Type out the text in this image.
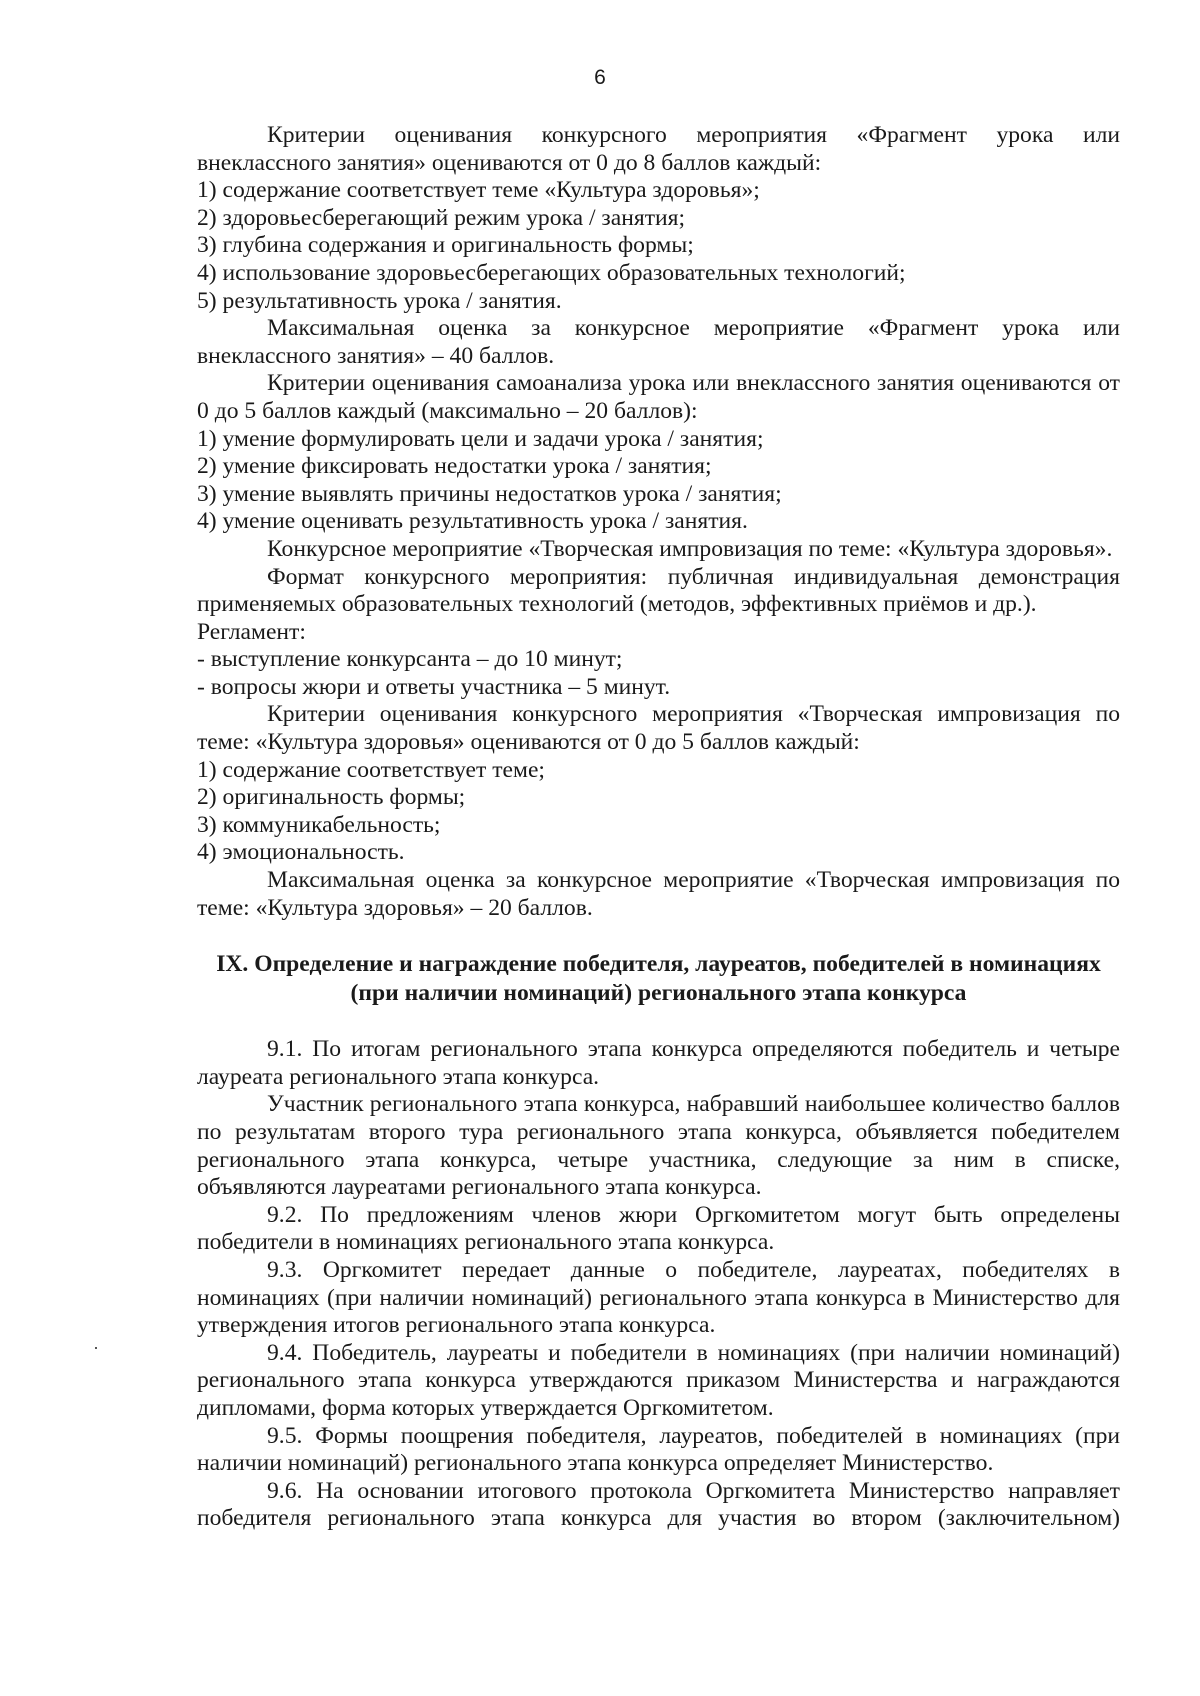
6

Критерии оценивания конкурсного мероприятия «Фрагмент урока или

внеклассного занятия» оцениваются от 0 до 8 баллов каждый:

1) содержание соответствует теме «Культура здоровья»;

2) здоровьесберегающий режим урока / занятия;

3) глубина содержания и оригинальность формы;

4) использование здоровьесберегающих образовательных технологий;

5) результативность урока / занятия.

Максимальная оценка за конкурсное мероприятие «Фрагмент урока или внеклассного занятия» – 40 баллов.

Критерии оценивания самоанализа урока или внеклассного занятия оцениваются от 0 до 5 баллов каждый (максимально – 20 баллов):

1) умение формулировать цели и задачи урока / занятия;

2) умение фиксировать недостатки урока / занятия;

3) умение выявлять причины недостатков урока / занятия;

4) умение оценивать результативность урока / занятия.

Конкурсное мероприятие «Творческая импровизация по теме: «Культура здоровья».

Формат конкурсного мероприятия: публичная индивидуальная демонстрация применяемых образовательных технологий (методов, эффективных приёмов и др.).

Регламент:

- выступление конкурсанта – до 10 минут;

- вопросы жюри и ответы участника – 5 минут.

Критерии оценивания конкурсного мероприятия «Творческая импровизация по теме: «Культура здоровья» оцениваются от 0 до 5 баллов каждый:

1) содержание соответствует теме;

2) оригинальность формы;

3) коммуникабельность;

4) эмоциональность.

Максимальная оценка за конкурсное мероприятие «Творческая импровизация по теме: «Культура здоровья» – 20 баллов.

IX. Определение и награждение победителя, лауреатов, победителей в номинациях (при наличии номинаций) регионального этапа конкурса

9.1. По итогам регионального этапа конкурса определяются победитель и четыре лауреата регионального этапа конкурса.

Участник регионального этапа конкурса, набравший наибольшее количество баллов по результатам второго тура регионального этапа конкурса, объявляется победителем регионального этапа конкурса, четыре участника, следующие за ним в списке, объявляются лауреатами регионального этапа конкурса.

9.2. По предложениям членов жюри Оргкомитетом могут быть определены победители в номинациях регионального этапа конкурса.

9.3. Оргкомитет передает данные о победителе, лауреатах, победителях в номинациях (при наличии номинаций) регионального этапа конкурса в Министерство для утверждения итогов регионального этапа конкурса.

9.4. Победитель, лауреаты и победители в номинациях (при наличии номинаций) регионального этапа конкурса утверждаются приказом Министерства и награждаются дипломами, форма которых утверждается Оргкомитетом.

9.5. Формы поощрения победителя, лауреатов, победителей в номинациях (при наличии номинаций) регионального этапа конкурса определяет Министерство.

9.6. На основании итогового протокола Оргкомитета Министерство направляет победителя регионального этапа конкурса для участия во втором (заключительном)
